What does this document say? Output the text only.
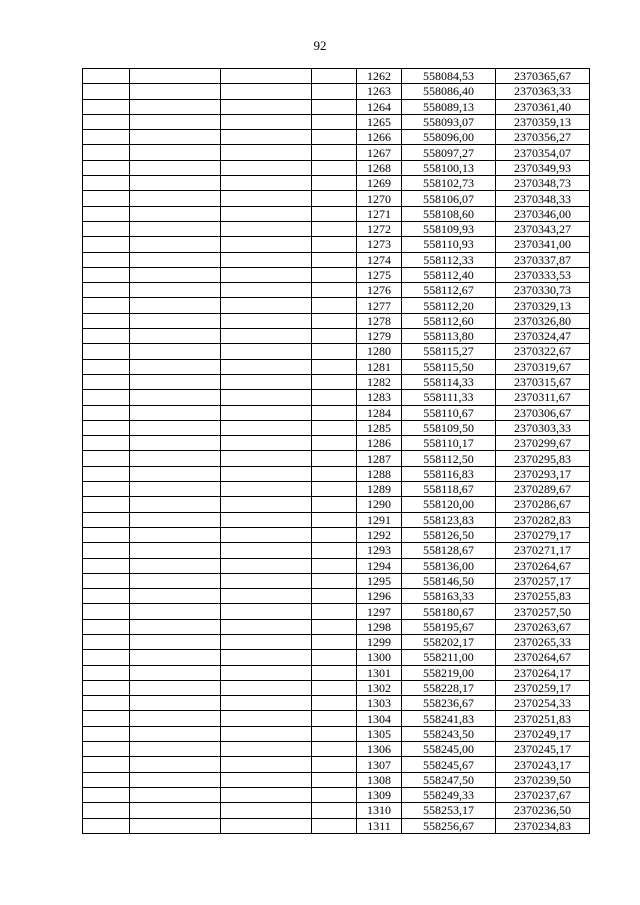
92
				1262	558084,53	2370365,67
				1263	558086,40	2370363,33
				1264	558089,13	2370361,40
				1265	558093,07	2370359,13
				1266	558096,00	2370356,27
				1267	558097,27	2370354,07
				1268	558100,13	2370349,93
				1269	558102,73	2370348,73
				1270	558106,07	2370348,33
				1271	558108,60	2370346,00
				1272	558109,93	2370343,27
				1273	558110,93	2370341,00
				1274	558112,33	2370337,87
				1275	558112,40	2370333,53
				1276	558112,67	2370330,73
				1277	558112,20	2370329,13
				1278	558112,60	2370326,80
				1279	558113,80	2370324,47
				1280	558115,27	2370322,67
				1281	558115,50	2370319,67
				1282	558114,33	2370315,67
				1283	558111,33	2370311,67
				1284	558110,67	2370306,67
				1285	558109,50	2370303,33
				1286	558110,17	2370299,67
				1287	558112,50	2370295,83
				1288	558116,83	2370293,17
				1289	558118,67	2370289,67
				1290	558120,00	2370286,67
				1291	558123,83	2370282,83
				1292	558126,50	2370279,17
				1293	558128,67	2370271,17
				1294	558136,00	2370264,67
				1295	558146,50	2370257,17
				1296	558163,33	2370255,83
				1297	558180,67	2370257,50
				1298	558195,67	2370263,67
				1299	558202,17	2370265,33
				1300	558211,00	2370264,67
				1301	558219,00	2370264,17
				1302	558228,17	2370259,17
				1303	558236,67	2370254,33
				1304	558241,83	2370251,83
				1305	558243,50	2370249,17
				1306	558245,00	2370245,17
				1307	558245,67	2370243,17
				1308	558247,50	2370239,50
				1309	558249,33	2370237,67
				1310	558253,17	2370236,50
				1311	558256,67	2370234,83
